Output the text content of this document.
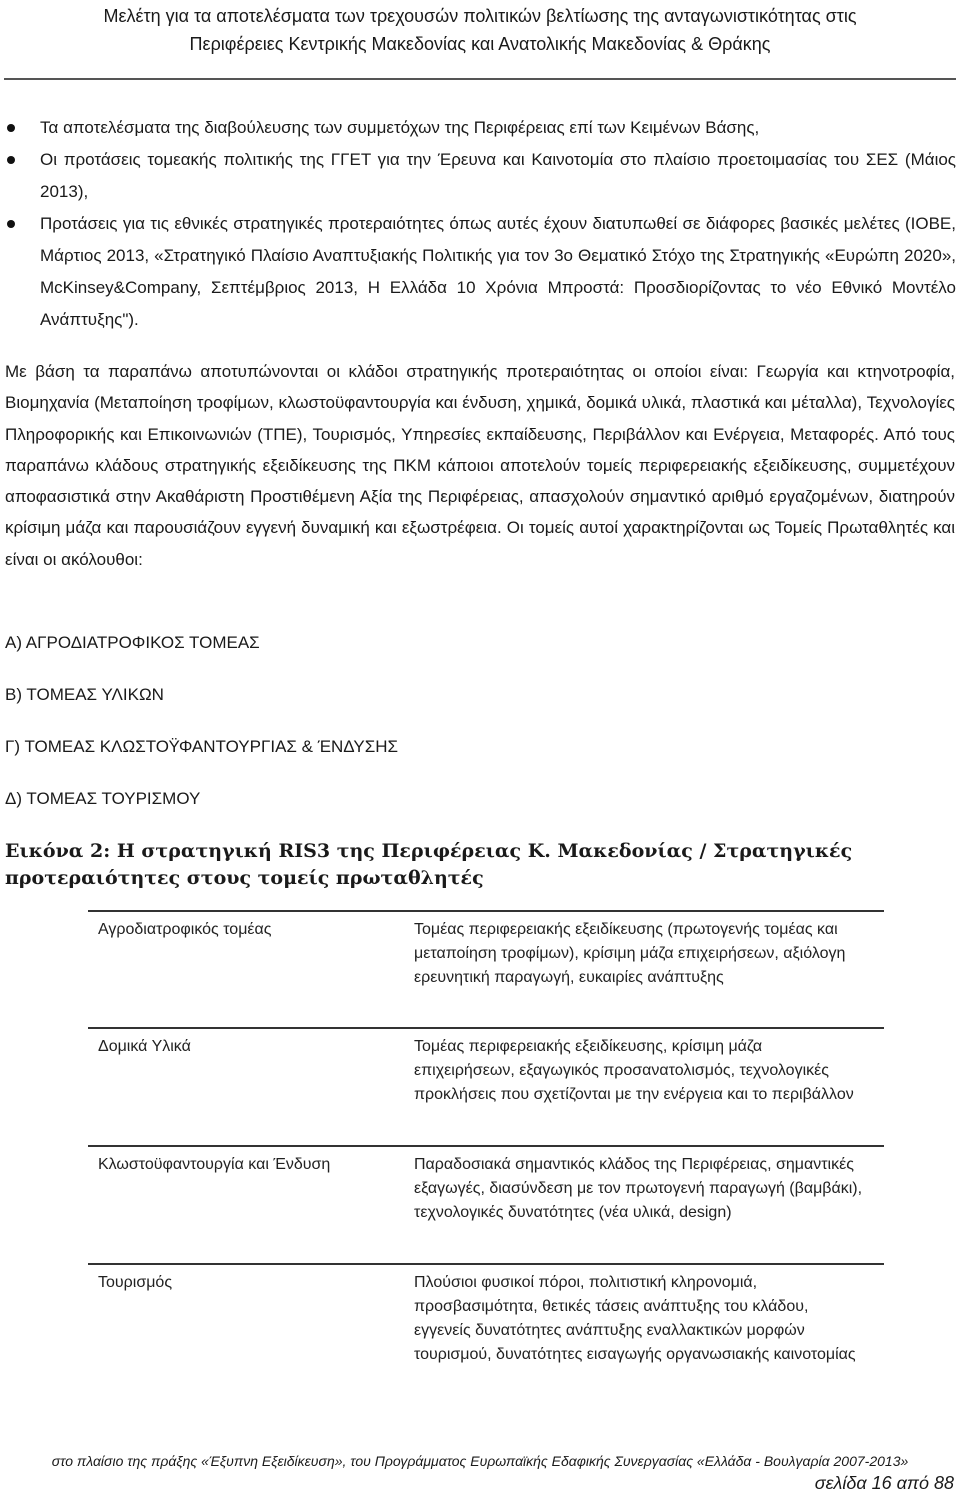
Μελέτη για τα αποτελέσματα των τρεχουσών πολιτικών βελτίωσης της ανταγωνιστικότητας στις
Περιφέρειες Κεντρικής Μακεδονίας και Ανατολικής Μακεδονίας & Θράκης
Τα αποτελέσματα της διαβούλευσης των συμμετόχων της Περιφέρειας επί των Κειμένων Βάσης,
Οι προτάσεις τομεακής πολιτικής της ΓΓΕΤ για την Έρευνα και Καινοτομία στο πλαίσιο προετοιμασίας του ΣΕΣ (Μάιος 2013),
Προτάσεις για τις εθνικές στρατηγικές προτεραιότητες όπως αυτές έχουν διατυπωθεί σε διάφορες βασικές μελέτες (ΙΟΒΕ, Μάρτιος 2013, «Στρατηγικό Πλαίσιο Αναπτυξιακής Πολιτικής για τον 3ο Θεματικό Στόχο της Στρατηγικής «Ευρώπη 2020», McKinsey&Company, Σεπτέμβριος 2013, Η Ελλάδα 10 Χρόνια Μπροστά: Προσδιορίζοντας το νέο Εθνικό Μοντέλο Ανάπτυξης").

Με βάση τα παραπάνω αποτυπώνονται οι κλάδοι στρατηγικής προτεραιότητας οι οποίοι είναι: Γεωργία και κτηνοτροφία, Βιομηχανία (Μεταποίηση τροφίμων, κλωστοϋφαντουργία και ένδυση, χημικά, δομικά υλικά, πλαστικά και μέταλλα), Τεχνολογίες Πληροφορικής και Επικοινωνιών (ΤΠΕ), Τουρισμός, Υπηρεσίες εκπαίδευσης, Περιβάλλον και Ενέργεια, Μεταφορές. Από τους παραπάνω κλάδους στρατηγικής εξειδίκευσης της ΠΚΜ κάποιοι αποτελούν τομείς περιφερειακής εξειδίκευσης, συμμετέχουν αποφασιστικά στην Ακαθάριστη Προστιθέμενη Αξία της Περιφέρειας, απασχολούν σημαντικό αριθμό εργαζομένων, διατηρούν κρίσιμη μάζα και παρουσιάζουν εγγενή δυναμική και εξωστρέφεια. Οι τομείς αυτοί χαρακτηρίζονται ως Τομείς Πρωταθλητές και είναι οι ακόλουθοι:

Α) ΑΓΡΟΔΙΑΤΡΟΦΙΚΟΣ ΤΟΜΕΑΣ
Β) ΤΟΜΕΑΣ ΥΛΙΚΩΝ
Γ) ΤΟΜΕΑΣ ΚΛΩΣΤΟΫΦΑΝΤΟΥΡΓΙΑΣ & ΈΝΔΥΣΗΣ
Δ) ΤΟΜΕΑΣ ΤΟΥΡΙΣΜΟΥ
Εικόνα 2: Η στρατηγική RIS3 της Περιφέρειας Κ. Μακεδονίας / Στρατηγικές
προτεραιότητες στους τομείς πρωταθλητές
Αγροδιατροφικός τομέας	Τομέας περιφερειακής εξειδίκευσης (πρωτογενής τομέας και μεταποίηση τροφίμων), κρίσιμη μάζα επιχειρήσεων, αξιόλογη ερευνητική παραγωγή, ευκαιρίες ανάπτυξης
Δομικά Υλικά	Τομέας περιφερειακής εξειδίκευσης, κρίσιμη μάζα επιχειρήσεων, εξαγωγικός προσανατολισμός, τεχνολογικές προκλήσεις που σχετίζονται με την ενέργεια και το περιβάλλον
Κλωστοϋφαντουργία και Ένδυση	Παραδοσιακά σημαντικός κλάδος της Περιφέρειας, σημαντικές εξαγωγές, διασύνδεση με τον πρωτογενή παραγωγή (βαμβάκι), τεχνολογικές δυνατότητες (νέα υλικά, design)
Τουρισμός	Πλούσιοι φυσικοί πόροι, πολιτιστική κληρονομιά, προσβασιμότητα, θετικές τάσεις ανάπτυξης του κλάδου, εγγενείς δυνατότητες ανάπτυξης εναλλακτικών μορφών τουρισμού, δυνατότητες εισαγωγής οργανωσιακής καινοτομίας
στο πλαίσιο της πράξης «Έξυπνη Εξειδίκευση», του Προγράμματος Ευρωπαϊκής Εδαφικής Συνεργασίας «Ελλάδα - Βουλγαρία 2007-2013»
σελίδα 16 από 88
